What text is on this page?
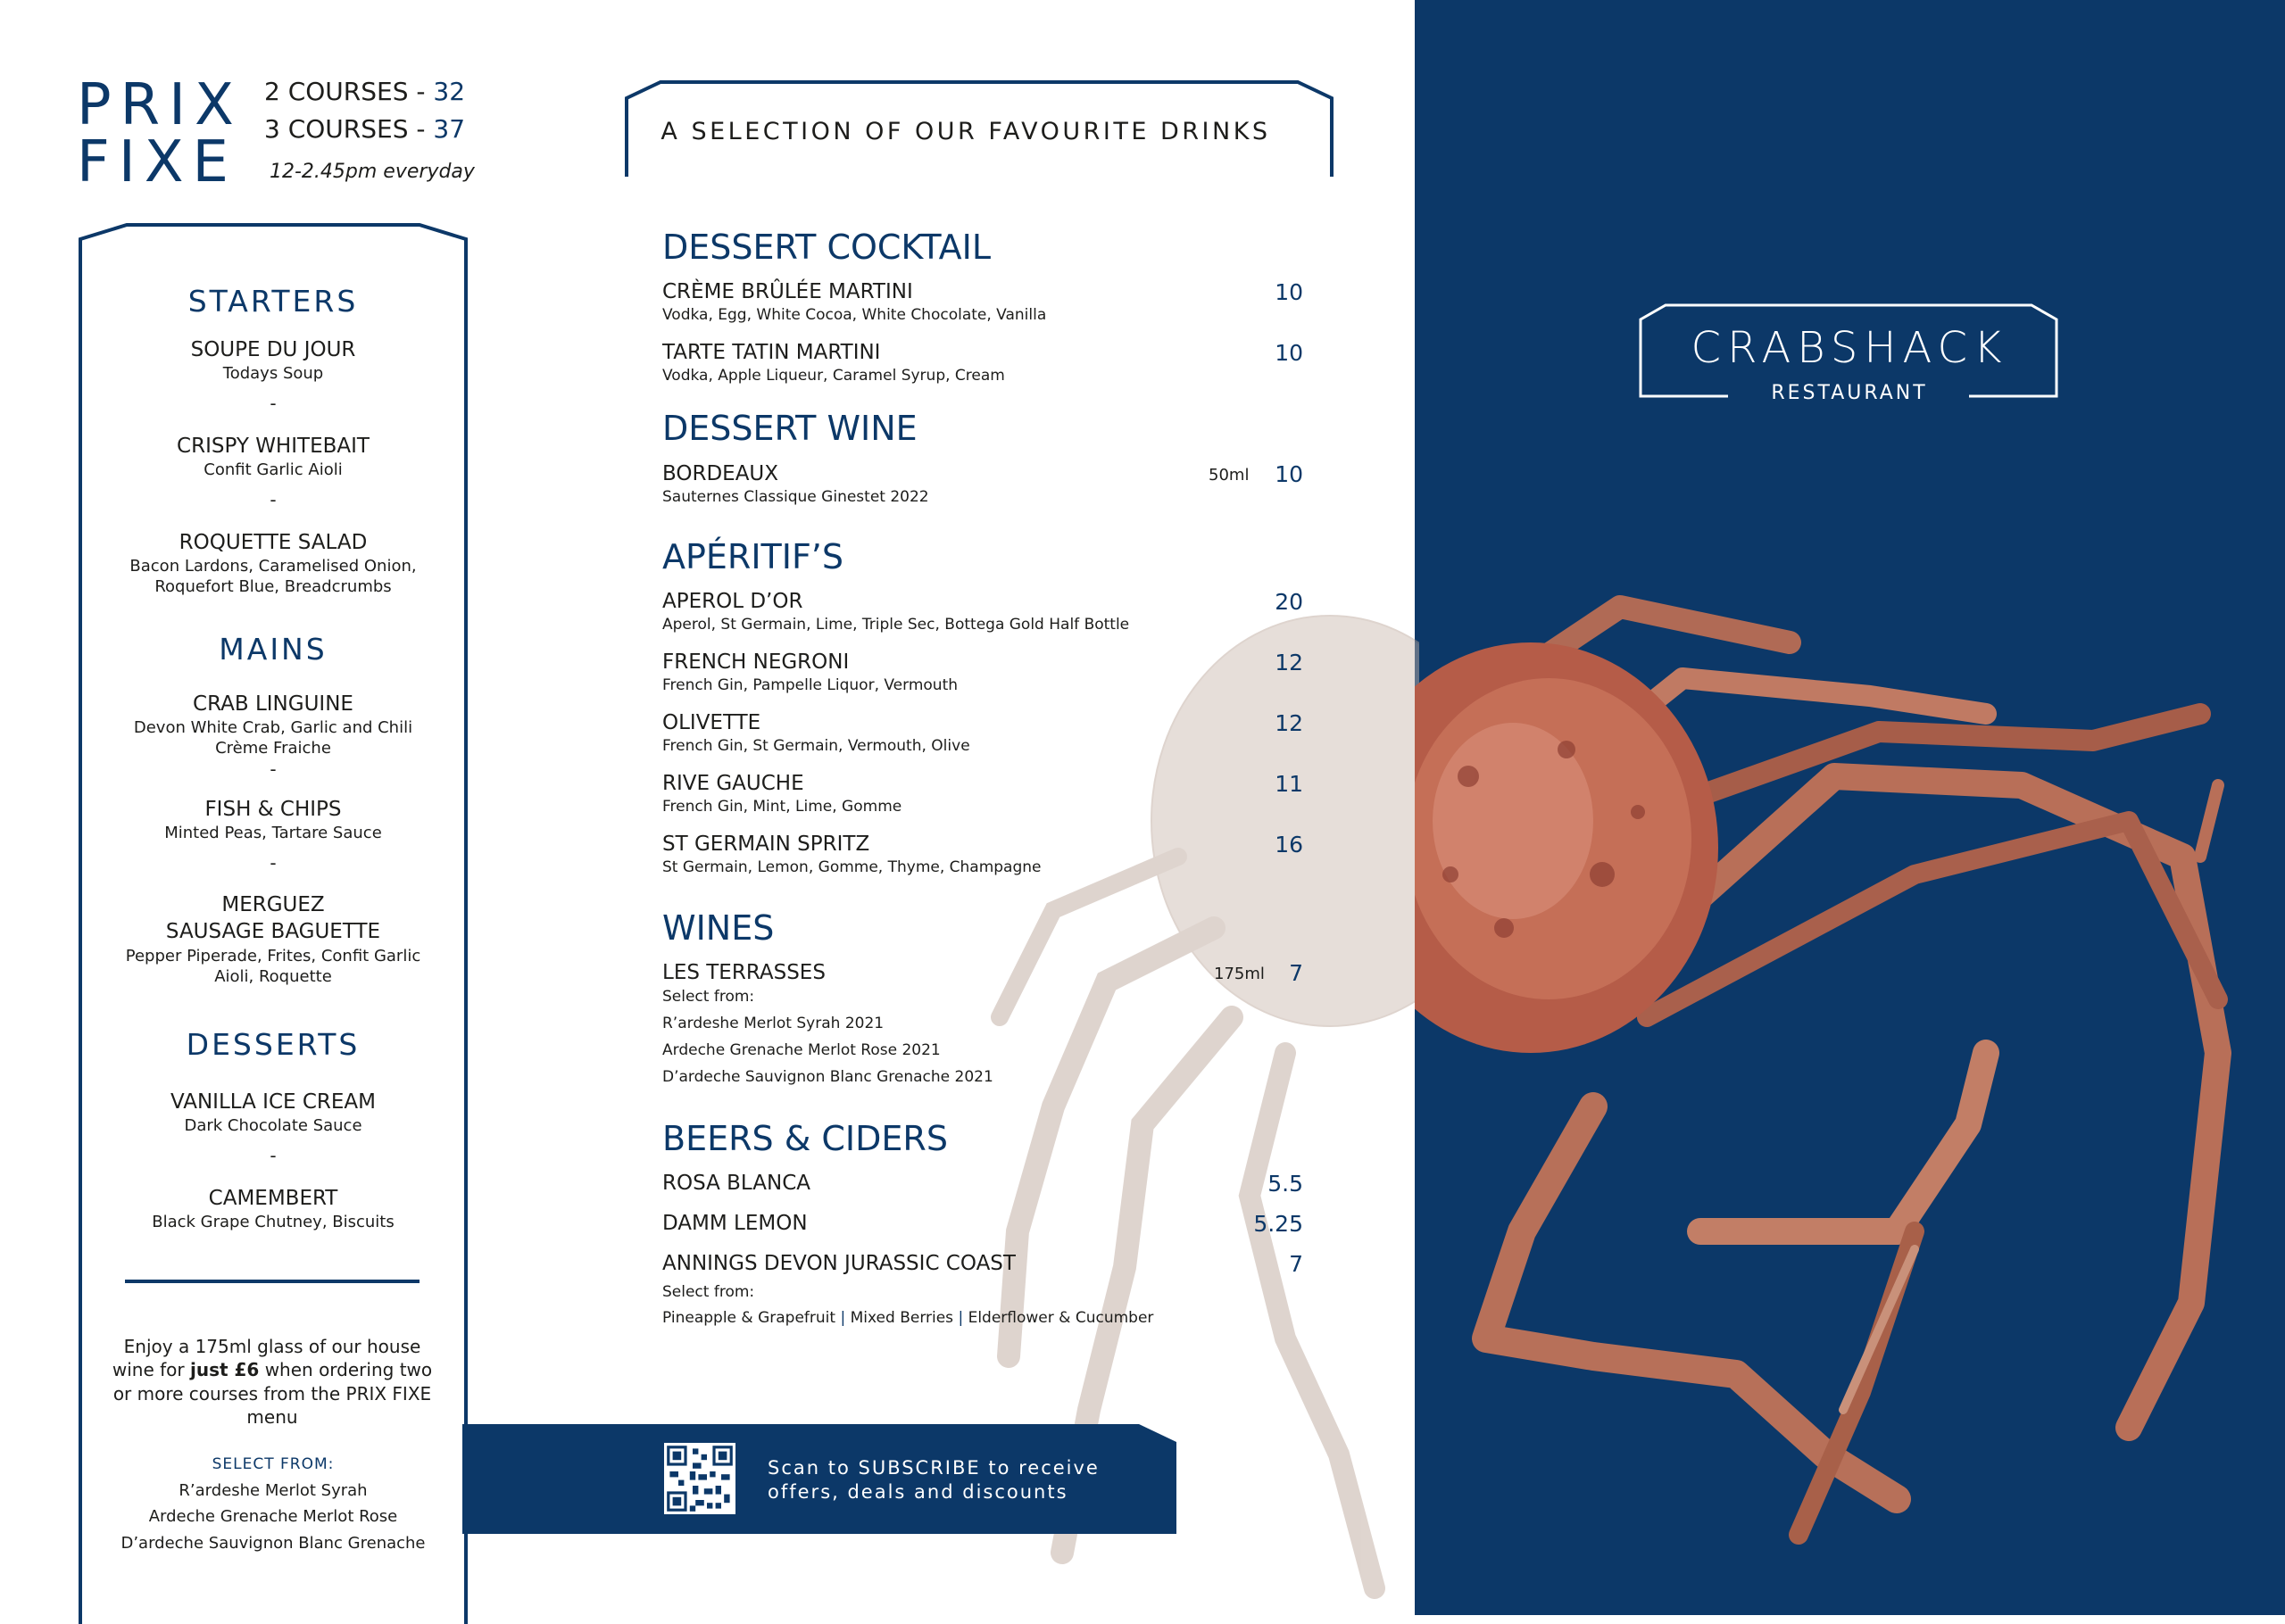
CRABSHACK
RESTAURANT
PRIX
FIXE
2 COURSES - 32
3 COURSES - 37
12-2.45pm everyday
STARTERS
SOUPE DU JOUR
Todays Soup
-
CRISPY WHITEBAIT
Confit Garlic Aioli
-
ROQUETTE SALAD
Bacon Lardons, Caramelised Onion,
Roquefort Blue, Breadcrumbs
MAINS
CRAB LINGUINE
Devon White Crab, Garlic and Chili
Crème Fraiche
-
FISH & CHIPS
Minted Peas, Tartare Sauce
-
MERGUEZ
SAUSAGE BAGUETTE
Pepper Piperade, Frites, Confit Garlic
Aioli, Roquette
DESSERTS
VANILLA ICE CREAM
Dark Chocolate Sauce
-
CAMEMBERT
Black Grape Chutney, Biscuits
Enjoy a 175ml glass of our house wine for just £6 when ordering two or more courses from the PRIX FIXE menu
SELECT FROM:
R’ardeshe Merlot Syrah
Ardeche Grenache Merlot Rose
D’ardeche Sauvignon Blanc Grenache
A SELECTION OF OUR FAVOURITE DRINKS
DESSERT COCKTAIL
CRÈME BRÛLÉE MARTINI
Vodka, Egg, White Cocoa, White Chocolate, Vanilla
10
TARTE TATIN MARTINI
Vodka, Apple Liqueur, Caramel Syrup, Cream
10
DESSERT WINE
BORDEAUX
Sauternes Classique Ginestet 2022
50ml 10
APÉRITIF’S
APEROL D’OR
Aperol, St Germain, Lime, Triple Sec, Bottega Gold Half Bottle
20
FRENCH NEGRONI
French Gin, Pampelle Liquor, Vermouth
12
OLIVETTE
French Gin, St Germain, Vermouth, Olive
12
RIVE GAUCHE
French Gin, Mint, Lime, Gomme
11
ST GERMAIN SPRITZ
St Germain, Lemon, Gomme, Thyme, Champagne
16
WINES
LES TERRASSES	175ml 7
Select from:
R’ardeshe Merlot Syrah 2021
Ardeche Grenache Merlot Rose 2021
D’ardeche Sauvignon Blanc Grenache 2021
BEERS & CIDERS
ROSA BLANCA	5.5
DAMM LEMON	5.25
ANNINGS DEVON JURASSIC COAST	7
Select from:
Pineapple & Grapefruit | Mixed Berries | Elderflower & Cucumber
Scan to SUBSCRIBE to receive
offers, deals and discounts
